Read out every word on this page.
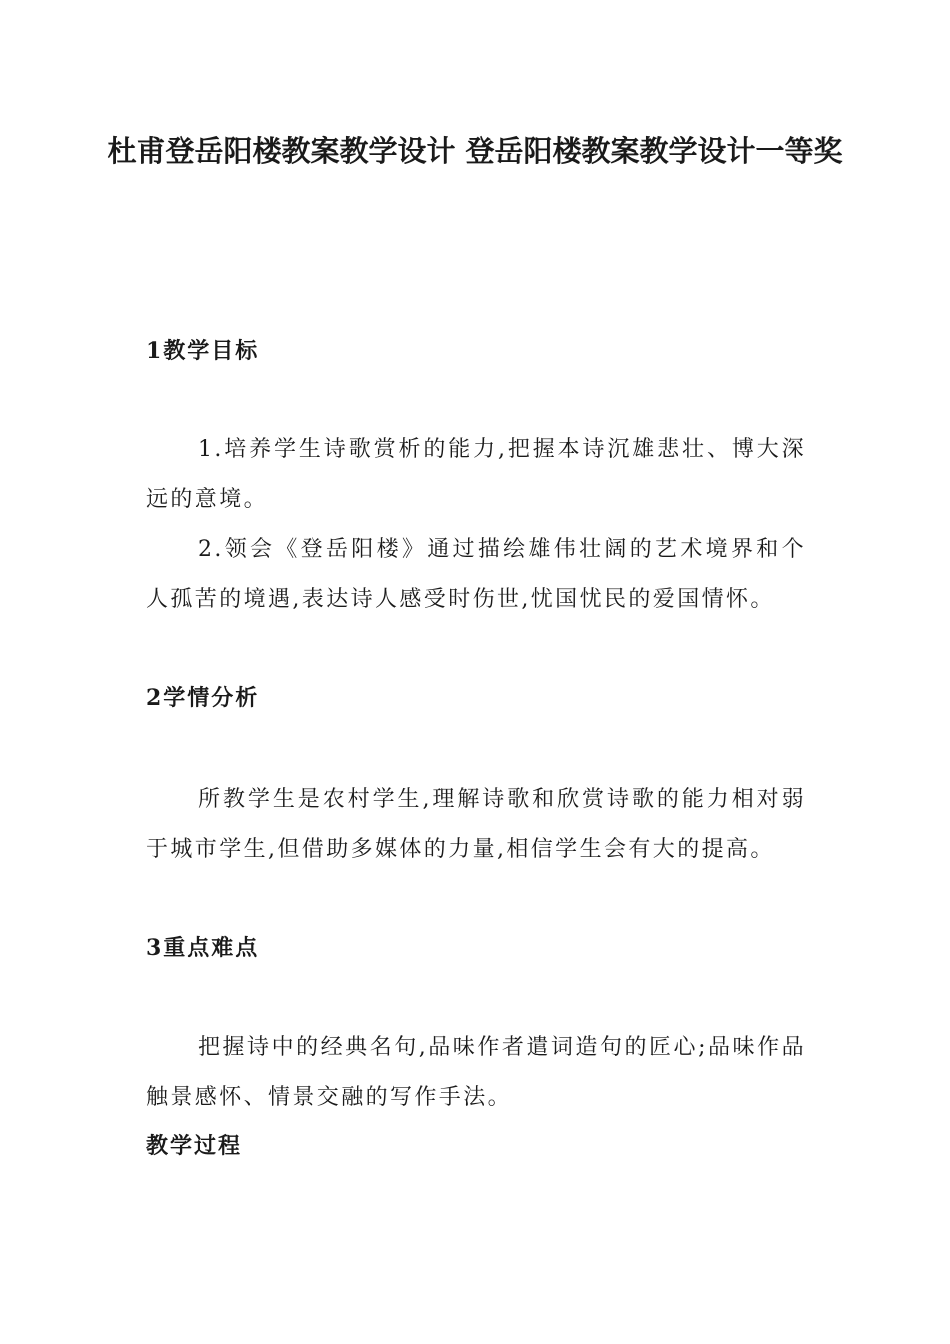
杜甫登岳阳楼教案教学设计 登岳阳楼教案教学设计一等奖
1教学目标

1.培养学生诗歌赏析的能力,把握本诗沉雄悲壮、博大深远的意境。

2.领会《登岳阳楼》通过描绘雄伟壮阔的艺术境界和个人孤苦的境遇,表达诗人感受时伤世,忧国忧民的爱国情怀。

2学情分析

所教学生是农村学生,理解诗歌和欣赏诗歌的能力相对弱于城市学生,但借助多媒体的力量,相信学生会有大的提高。

3重点难点

把握诗中的经典名句,品味作者遣词造句的匠心;品味作品触景感怀、情景交融的写作手法。

教学过程
